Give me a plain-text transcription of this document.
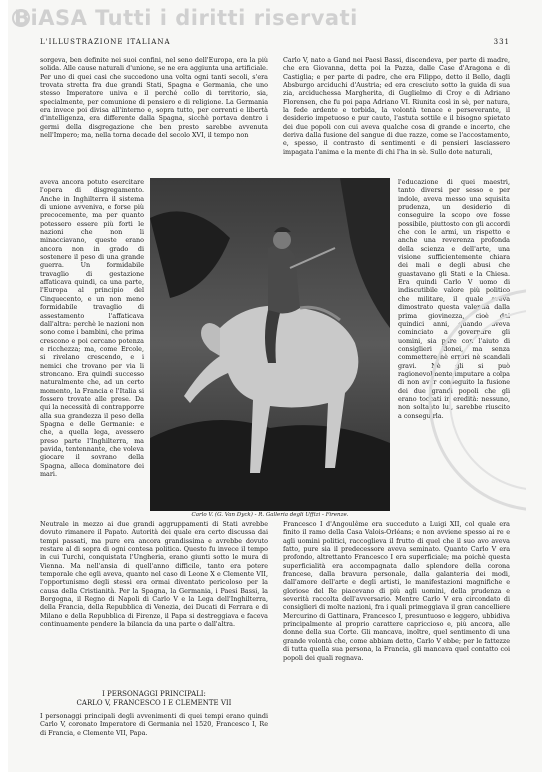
BiASA Tutti i diritti riservati
L'ILLUSTRAZIONE ITALIANA	331

sorgeva, ben definite nei suoi confini, nel seno dell'Europa, era la più solida. Alle cause naturali d'unione, se ne era aggiunta una artificiale. Per uno di quei casi che succedono una volta ogni tanti secoli, s'era trovata stretta fra due grandi Stati, Spagna e Germania, che uno stesso Imperatore univa e il perché collo di territorio, sia, specialmente, per comunione di pensiero e di religione. La Germania era invece poi divisa all'interno e, sopra tutto, per correnti e libertà d'intelligenza, era differente dalla Spagna, sicchè portava dentro i germi della disgregazione che ben presto sarebbe avvenuta nell'Impero; ma, nella torna decade del secolo XVI, il tempo non

Carlo V, nato a Gand nei Paesi Bassi, discendeva, per parte di madre, che era Giovanna, detta poi la Pazza, dalle Case d'Aragona e di Castiglia; e per parte di padre, che era Filippo, detto il Bello, dagli Absburgo arciduchi d'Austria; ed era cresciuto sotto la guida di sua zia, arciduchessa Margherita, di Guglielmo di Croy e di Adriano Florensen, che fu poi papa Adriano VI. Riunita così in sè, per natura, la fede ardente e torbida, la volontà tenace e perseverante, il desiderio impetuoso e pur cauto, l'astuta sottile e il bisogno spietato dei due popoli con cui aveva qualche cosa di grande e incerto, che deriva dalla fusione del sangue di due razze, come se l'accostamento, e, spesso, il contrasto di sentimenti e di pensieri lasciassero impagata l'anima e la mente di chi l'ha in sè. Sullo dote naturali,

aveva ancora potuto esercitare l'opera di disgregamento. Anche in Inghilterra il sistema di unione avveniva, e forse più precocemente, ma per quanto potessero essere più forti le nazioni che non li minacciavano, queste erano ancora non in grado di sostenere il peso di una grande guerra. Un formidabile travaglio di gestazione affaticava quindi, ca una parte, l'Europa al principio del Cinquecento, e un non meno formidabile travaglio di assestamento l'affaticava dall'altra: perchè le nazioni non sono come i bambini, che prima crescono e poi cercano potenza e ricchezza; ma, come Ercole, si rivelano crescendo, e i nemici che trovano per via li stroncano. Era quindi successo naturalmente che, ad un certo momento, la Francia e l'Italia si fossero trovate alle prese. Da qui la necessità di contrapporre alla sua grandezza il peso della Spagna e delle Germanie: e che, a quella lega, avessero preso parte l'Inghilterra, ma pavida, tentennante, che voleva giocare il sovrano della Spagna, alleca dominatore dei mari.

Carlo V. (G. Van Dyck) - R. Galleria degli Uffizi - Firenze.

l'educazione di quei maestri, tanto diversi per sesso e per indole, aveva messo una squisita prudenza, un desiderio di conseguire la scopo ove fosse possibile, piuttosto con gli accordi che con le armi, un rispetto e anche una reverenza profonda della scienza e dell'arte, una visione sufficientemente chiara dei mali e degli abusi che guastavano gli Stati e la Chiesa. Era quindi Carlo V uomo di indiscutibile valore più politico che militare, il quale aveva dimostrato questa valentia dalla prima giovinezza, cioè dai quindici anni, quando aveva cominciato a governare gli uomini, sia pure con l'aiuto di consiglieri idonei, ma senza commettere nè errori nè scandali gravi. Nè gli si può ragionevolmente imputare a colpa di non aver conseguito la fusione dei due grandi popoli che gli erano toccati in eredità: nessuno, non soltanto lui, sarebbe riuscito a conseguirla.

Neutrale in mezzo ai due grandi aggruppamenti di Stati avrebbe dovuto rimanere il Papato. Autorità dei quale era certo discussa dai tempi passati, ma pure era ancora grandissima e avrebbe dovuto restare al di sopra di ogni contesa politica. Questo fu invece il tempo in cui Turchi, conquistata l'Ungheria, erano giunti sotto le mura di Vienna. Ma nell'ansia di quell'anno difficile, tanto era potere temporale che egli aveva, quanto nel caso di Leone X e Clemente VII, l'opportunismo degli stessi era ormai diventato pericoloso per la causa della Cristianità. Per la Spagna, la Germania, i Paesi Bassi, la Borgogna, il Regno di Napoli di Carlo V e la Lega dell'Inghilterra, della Francia, della Repubblica di Venezia, dei Ducati di Ferrara e di Milano e della Repubblica di Firenze, il Papa si destreggiava e faceva continuamente pendere la bilancia da una parte o dall'altra.

Francesco I d'Angoulême era succeduto a Luigi XII, col quale era finito il ramo della Casa Valois-Orléans; e non avviene spesso ai re e agli uomini politici, raccoglieva il frutto di quel che il suo avo aveva fatto, pure sia il predecessore aveva seminato. Quanto Carlo V era profondo, altrettanto Francesco I era superficiale; ma poichè questa superficialità era accompagnata dallo splendore della corona francese, dalla bravura personale, dalla galanteria dei modi, dall'amore dell'arte e degli artisti, le manifestazioni magnifiche e gloriose del Re piacevano di più agli uomini, della prudenza e severità raccolta dell'avversario. Mentre Carlo V era circondato di consiglieri di molte nazioni, fra i quali primeggiava il gran cancelliere Mercurino di Gattinara, Francesco I, presuntuoso e leggero, ubbidiva principalmente al proprio carattere capriccioso e, più ancora, alle donne della sua Corte. Gli mancava, inoltre, quel sentimento di una grande volontà che, come abbiam detto, Carlo V ebbe; per le fattezze di tutta quella sua persona, la Francia, gli mancava quel contatto coi popoli dei quali regnava.

I PERSONAGGI PRINCIPALI:
CARLO V, FRANCESCO I E CLEMENTE VII

I personaggi principali degli avvenimenti di quei tempi erano quindi Carlo V, coronato Imperatore di Germania nel 1520, Francesco I, Re di Francia, e Clemente VII, Papa.
